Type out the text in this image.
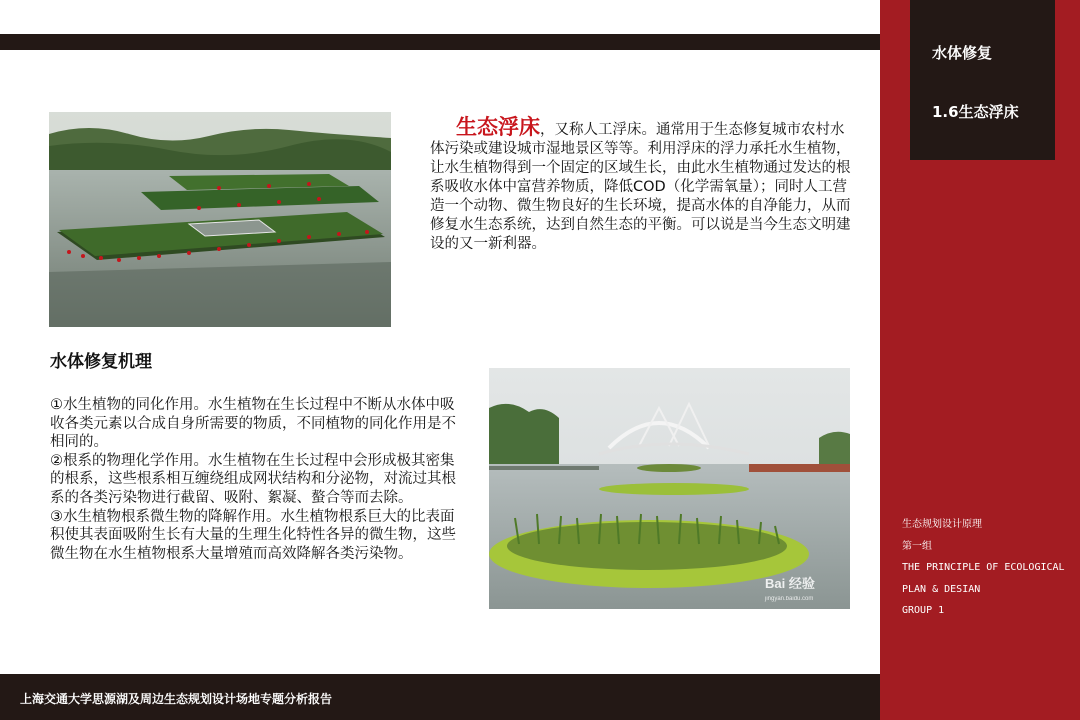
水体修复
1.6生态浮床
生态规划设计原理
第一组
THE PRINCIPLE OF ECOLOGICAL
PLAN & DESIAN
GROUP 1
生态浮床，又称人工浮床。通常用于生态修复城市农村水体污染或建设城市湿地景区等等。利用浮床的浮力承托水生植物，让水生植物得到一个固定的区域生长，由此水生植物通过发达的根系吸收水体中富营养物质，降低COD（化学需氧量）；同时人工营造一个动物、微生物良好的生长环境，提高水体的自净能力，从而修复水生态系统，达到自然生态的平衡。可以说是当今生态文明建设的又一新利器。
水体修复机理

①水生植物的同化作用。水生植物在生长过程中不断从水体中吸收各类元素以合成自身所需要的物质，不同植物的同化作用是不相同的。

②根系的物理化学作用。水生植物在生长过程中会形成极其密集的根系，这些根系相互缠绕组成网状结构和分泌物，对流过其根系的各类污染物进行截留、吸附、絮凝、螯合等而去除。

③水生植物根系微生物的降解作用。水生植物根系巨大的比表面积使其表面吸附生长有大量的生理生化特性各异的微生物，这些微生物在水生植物根系大量增殖而高效降解各类污染物。

Bai 经验
jingyan.baidu.com
上海交通大学思源湖及周边生态规划设计场地专题分析报告
